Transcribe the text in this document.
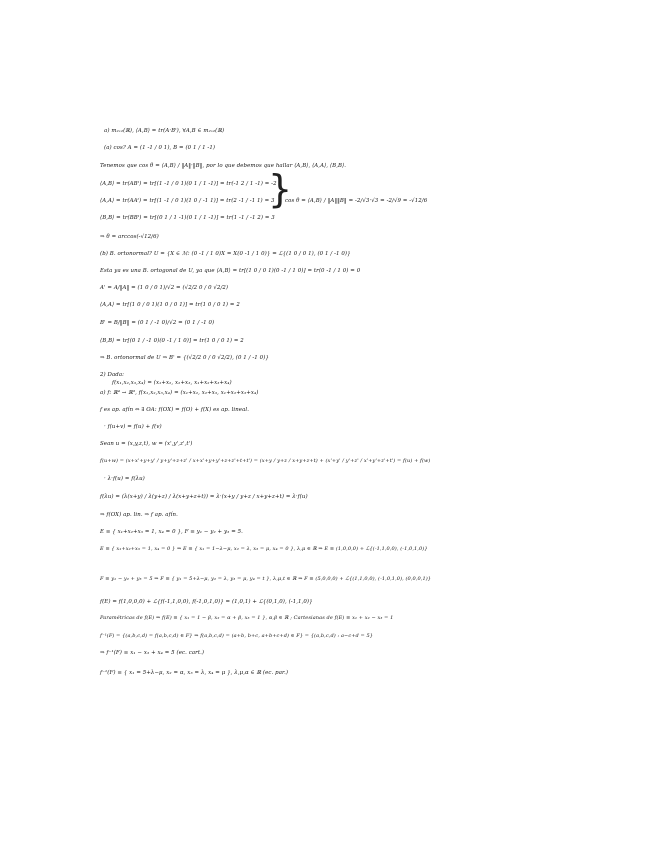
a) m₂ₓ₂(ℝ), ⟨A,B⟩ = tr(A·Bᵗ), ∀A,B ∈ m₂ₓ₂(ℝ)
(a) cos? A = (1 -1 / 0 1), B = (0 1 / 1 -1)
Tenemos que cos θ = ⟨A,B⟩ / ‖A‖·‖B‖, por lo que debemos que hallar ⟨A,B⟩, ⟨A,A⟩, ⟨B,B⟩.
⟨A,B⟩ = tr(ABᵗ) = tr[(1 -1 / 0 1)(0 1 / 1 -1)] = tr(-1 2 / 1 -1) = -2
⟨A,A⟩ = tr(AAᵗ) = tr[(1 -1 / 0 1)(1 0 / -1 1)] = tr(2 -1 / -1 1) = 3
}
cos θ = ⟨A,B⟩ / ‖A‖‖B‖ = -2/√3·√3 = -2/√9 = -√12/6
⟨B,B⟩ = tr(BBᵗ) = tr[(0 1 / 1 -1)(0 1 / 1 -1)] = tr(1 -1 / -1 2) = 3
⇒ θ = arccos(-√12/6)
(b) B. ortonormal? U = {X ∈ ℳ: (0 -1 / 1 0)X = X(0 -1 / 1 0)} = ℒ{(1 0 / 0 1), (0 1 / -1 0)}
Esta ya es una B. ortogonal de U, ya que ⟨A,B⟩ = tr[(1 0 / 0 1)(0 -1 / 1 0)] = tr(0 -1 / 1 0) = 0
A' = A/‖A‖ = (1 0 / 0 1)/√2 = (√2/2 0 / 0 √2/2)
⟨A,A⟩ = tr[(1 0 / 0 1)(1 0 / 0 1)] = tr(1 0 / 0 1) = 2
B' = B/‖B‖ = (0 1 / -1 0)/√2 = (0 1 / -1 0)
⟨B,B⟩ = tr[(0 1 / -1 0)(0 -1 / 1 0)] = tr(1 0 / 0 1) = 2
⇒ B. ortonormal de U ⇒ B' = {(√2/2 0 / 0 √2/2), (0 1 / -1 0)}
2) Dada:
f(x₁,x₂,x₃,x₄) = (x₁+x₂, x₂+x₃, x₁+x₂+x₃+x₄)
a) f: ℝ⁴ → ℝ³, f(x₁,x₂,x₃,x₄) = (x₁+x₂, x₂+x₃, x₁+x₂+x₃+x₄)
f es ap. afín ⇔ ∃ OA: f(OX) = f(O) + f(X) es ap. lineal.
· f(u+v) = f(u) + f(v)
Sean u = (x,y,z,t), w = (x',y',z',t')
f(u+w) = (x+x'+y+y' / y+y'+z+z' / x+x'+y+y'+z+z'+t+t') = (x+y / y+z / x+y+z+t) + (x'+y' / y'+z' / x'+y'+z'+t') = f(u) + f(w)
· λ·f(u) = f(λu)
f(λu) = (λ(x+y) / λ(y+z) / λ(x+y+z+t)) = λ·(x+y / y+z / x+y+z+t) = λ·f(u)
⇒ f(OX) ap. lin. ⇒ f ap. afín.
E ≡ { x₁+x₂+x₃ = 1, x₄ = 0 }, F ≡ y₁ − y₂ + y₃ = 5.
E ≡ { x₁+x₂+x₃ = 1, x₄ = 0 } ⇒ E ≡ { x₁ = 1−λ−μ, x₂ = λ, x₃ = μ, x₄ = 0 }, λ,μ ∈ ℝ ⇒ E ≡ (1,0,0,0) + ℒ{(-1,1,0,0), (-1,0,1,0)}
F ≡ y₁ − y₂ + y₃ = 5 ⇒ F ≡ { y₁ = 5+λ−μ, y₂ = λ, y₃ = μ, y₄ = t }, λ,μ,t ∈ ℝ ⇒ F ≡ (5,0,0,0) + ℒ{(1,1,0,0), (-1,0,1,0), (0,0,0,1)}
f(E) = f(1,0,0,0) + ℒ{f(-1,1,0,0), f(-1,0,1,0)} = (1,0,1) + ℒ{(0,1,0), (-1,1,0)}
Paramétricas de f(E) ⇒ f(E) ≡ { x₁ = 1 − β, x₂ = α + β, x₃ = 1 }, α,β ∈ ℝ ; Cartesianas de f(E) ≡ x₁ + x₂ − x₃ = 1
f⁻¹(F) = {(a,b,c,d) = f(a,b,c,d) ∈ F} ⇒ f(a,b,c,d) = (a+b, b+c, a+b+c+d) ∈ F} = {(a,b,c,d) : a−c+d = 5}
⇒ f⁻¹(F) ≡ x₁ − x₃ + x₄ = 5 (ec. cart.)
f⁻¹(F) ≡ { x₁ = 5+λ−μ, x₂ = α, x₃ = λ, x₄ = μ }, λ,μ,α ∈ ℝ (ec. par.)
